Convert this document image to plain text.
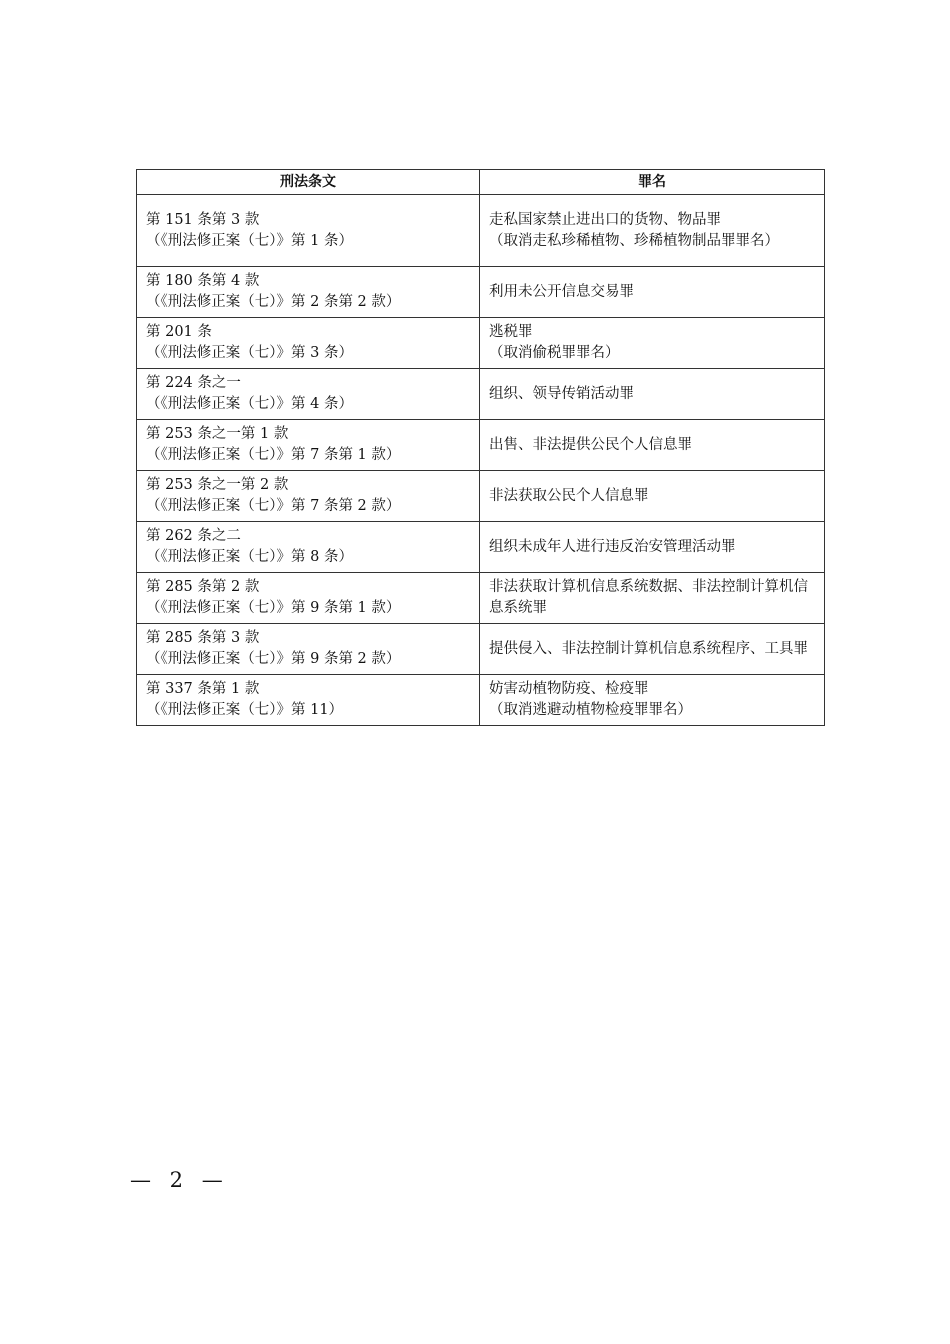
刑法条文	罪名

第 151 条第 3 款
（《刑法修正案（七）》第 1 条）	走私国家禁止进出口的货物、物品罪
（取消走私珍稀植物、珍稀植物制品罪罪名）

第 180 条第 4 款
（《刑法修正案（七）》第 2 条第 2 款）	利用未公开信息交易罪

第 201 条
（《刑法修正案（七）》第 3 条）	逃税罪
（取消偷税罪罪名）

第 224 条之一
（《刑法修正案（七）》第 4 条）	组织、领导传销活动罪

第 253 条之一第 1 款
（《刑法修正案（七）》第 7 条第 1 款）	出售、非法提供公民个人信息罪

第 253 条之一第 2 款
（《刑法修正案（七）》第 7 条第 2 款）	非法获取公民个人信息罪

第 262 条之二
（《刑法修正案（七）》第 8 条）	组织未成年人进行违反治安管理活动罪

第 285 条第 2 款
（《刑法修正案（七）》第 9 条第 1 款）	非法获取计算机信息系统数据、非法控制计算机信息系统罪

第 285 条第 3 款
（《刑法修正案（七）》第 9 条第 2 款）	提供侵入、非法控制计算机信息系统程序、工具罪

第 337 条第 1 款
（《刑法修正案（七）》第 11）	妨害动植物防疫、检疫罪
（取消逃避动植物检疫罪罪名）
— 2 —
